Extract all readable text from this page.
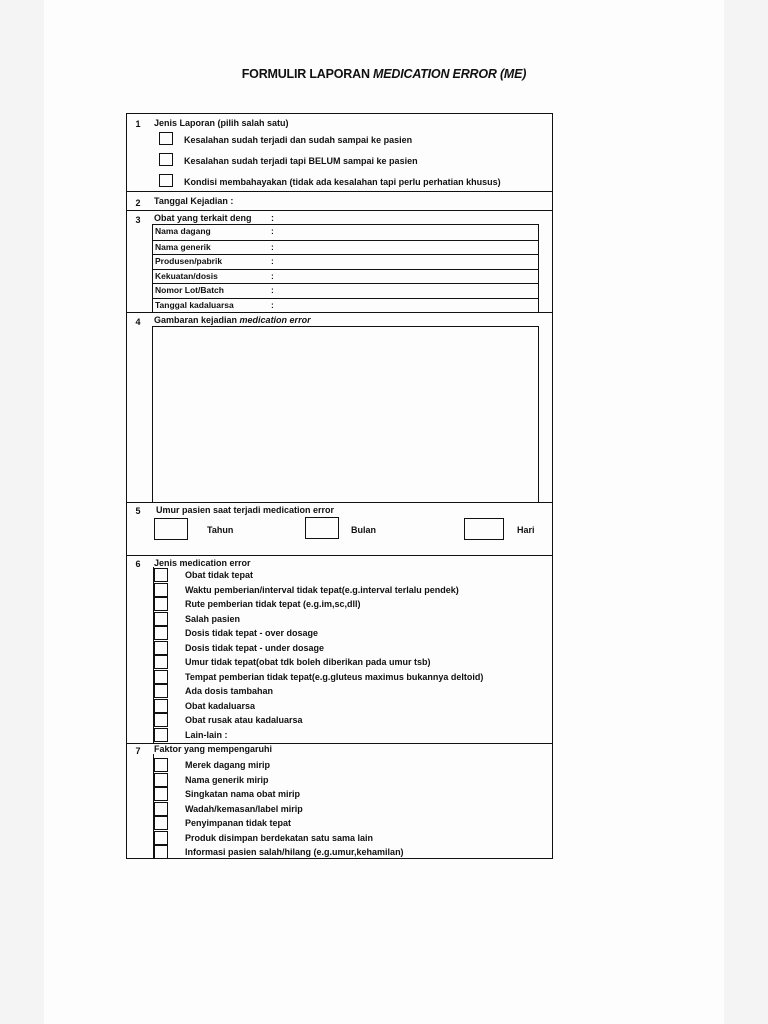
FORMULIR LAPORAN MEDICATION ERROR (ME)
1	Jenis Laporan (pilih salah satu)
Kesalahan sudah terjadi dan sudah sampai ke pasien
Kesalahan sudah terjadi tapi BELUM sampai ke pasien
Kondisi membahayakan (tidak ada kesalahan tapi perlu perhatian khusus)
2	Tanggal Kejadian :
3	Obat yang terkait deng :
Nama dagang	:
Nama generik	:
Produsen/pabrik	:
Kekuatan/dosis	:
Nomor Lot/Batch	:
Tanggal kadaluarsa	:
4	Gambaran kejadian medication error
5	Umur pasien saat terjadi medication error
Tahun	Bulan	Hari
6	Jenis medication error
Obat tidak tepat
Waktu pemberian/interval tidak tepat(e.g.interval terlalu pendek)
Rute pemberian tidak tepat (e.g.im,sc,dll)
Salah pasien
Dosis tidak tepat - over dosage
Dosis tidak tepat - under dosage
Umur tidak tepat(obat tdk boleh diberikan pada umur tsb)
Tempat pemberian tidak tepat(e.g.gluteus maximus bukannya deltoid)
Ada dosis tambahan
Obat kadaluarsa
Obat rusak atau kadaluarsa
Lain-lain :
7	Faktor yang mempengaruhi
Merek dagang mirip
Nama generik mirip
Singkatan nama obat mirip
Wadah/kemasan/label mirip
Penyimpanan tidak tepat
Produk disimpan berdekatan satu sama lain
Informasi pasien salah/hilang (e.g.umur,kehamilan)
